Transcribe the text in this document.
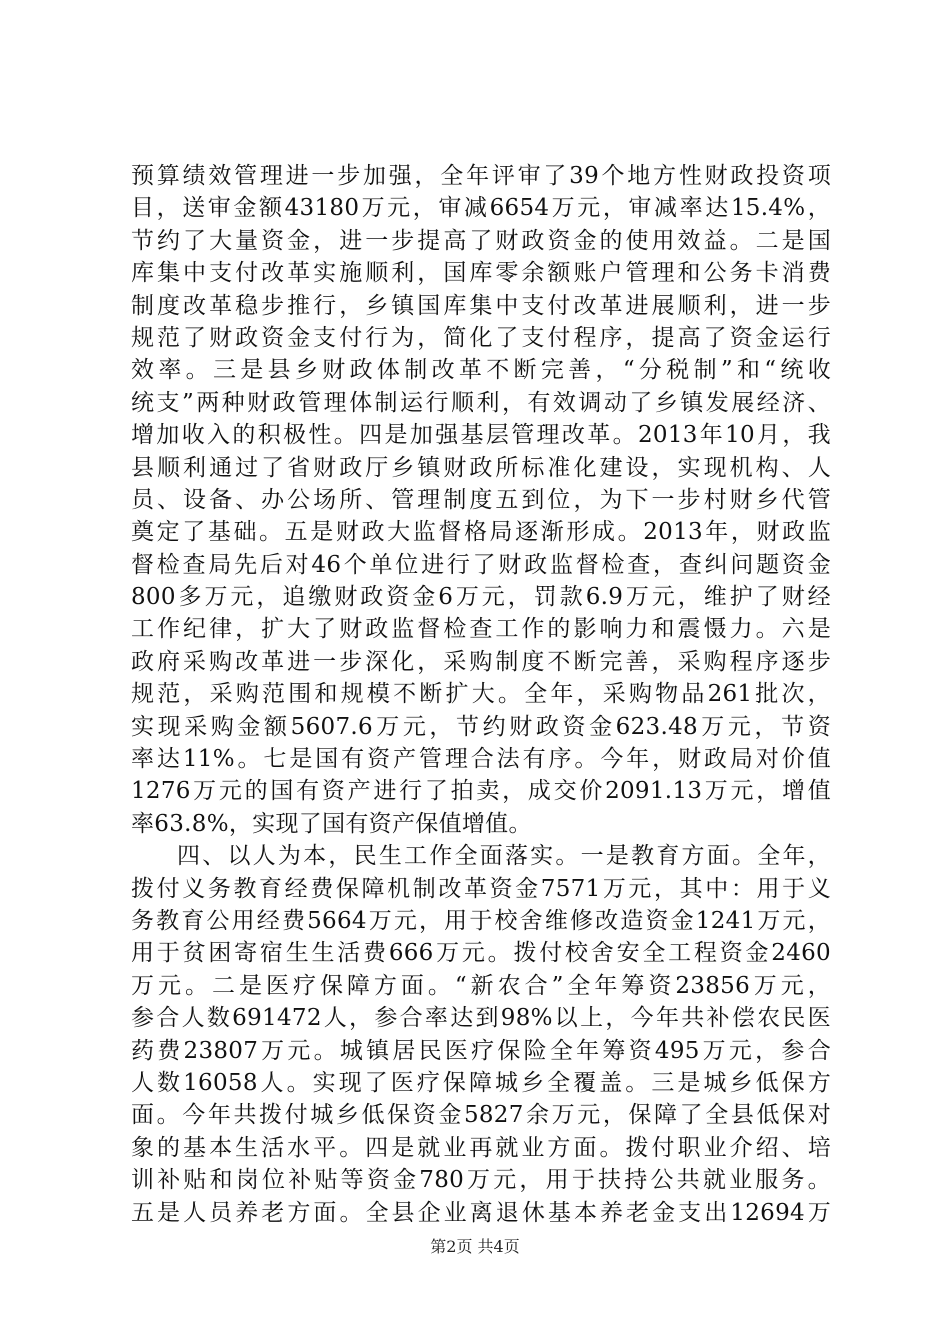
预算绩效管理进一步加强，全年评审了39个地方性财政投资项
目，送审金额43180万元，审减6654万元，审减率达15.4%，
节约了大量资金，进一步提高了财政资金的使用效益。二是国
库集中支付改革实施顺利，国库零余额账户管理和公务卡消费
制度改革稳步推行，乡镇国库集中支付改革进展顺利，进一步
规范了财政资金支付行为，简化了支付程序，提高了资金运行
效率。三是县乡财政体制改革不断完善，“分税制”和“统收
统支”两种财政管理体制运行顺利，有效调动了乡镇发展经济、
增加收入的积极性。四是加强基层管理改革。2013年10月，我
县顺利通过了省财政厅乡镇财政所标准化建设，实现机构、人
员、设备、办公场所、管理制度五到位，为下一步村财乡代管
奠定了基础。五是财政大监督格局逐渐形成。2013年，财政监
督检查局先后对46个单位进行了财政监督检查，查纠问题资金
800多万元，追缴财政资金6万元，罚款6.9万元，维护了财经
工作纪律，扩大了财政监督检查工作的影响力和震慑力。六是
政府采购改革进一步深化，采购制度不断完善，采购程序逐步
规范，采购范围和规模不断扩大。全年，采购物品261批次，
实现采购金额5607.6万元，节约财政资金623.48万元，节资
率达11%。七是国有资产管理合法有序。今年，财政局对价值
1276万元的国有资产进行了拍卖，成交价2091.13万元，增值
率63.8%，实现了国有资产保值增值。
四、以人为本，民生工作全面落实。一是教育方面。全年，
拨付义务教育经费保障机制改革资金7571万元，其中：用于义
务教育公用经费5664万元，用于校舍维修改造资金1241万元，
用于贫困寄宿生生活费666万元。拨付校舍安全工程资金2460
万元。二是医疗保障方面。“新农合”全年筹资23856万元，
参合人数691472人，参合率达到98%以上，今年共补偿农民医
药费23807万元。城镇居民医疗保险全年筹资495万元，参合
人数16058人。实现了医疗保障城乡全覆盖。三是城乡低保方
面。今年共拨付城乡低保资金5827余万元，保障了全县低保对
象的基本生活水平。四是就业再就业方面。拨付职业介绍、培
训补贴和岗位补贴等资金780万元，用于扶持公共就业服务。
五是人员养老方面。全县企业离退休基本养老金支出12694万
第2页 共4页
